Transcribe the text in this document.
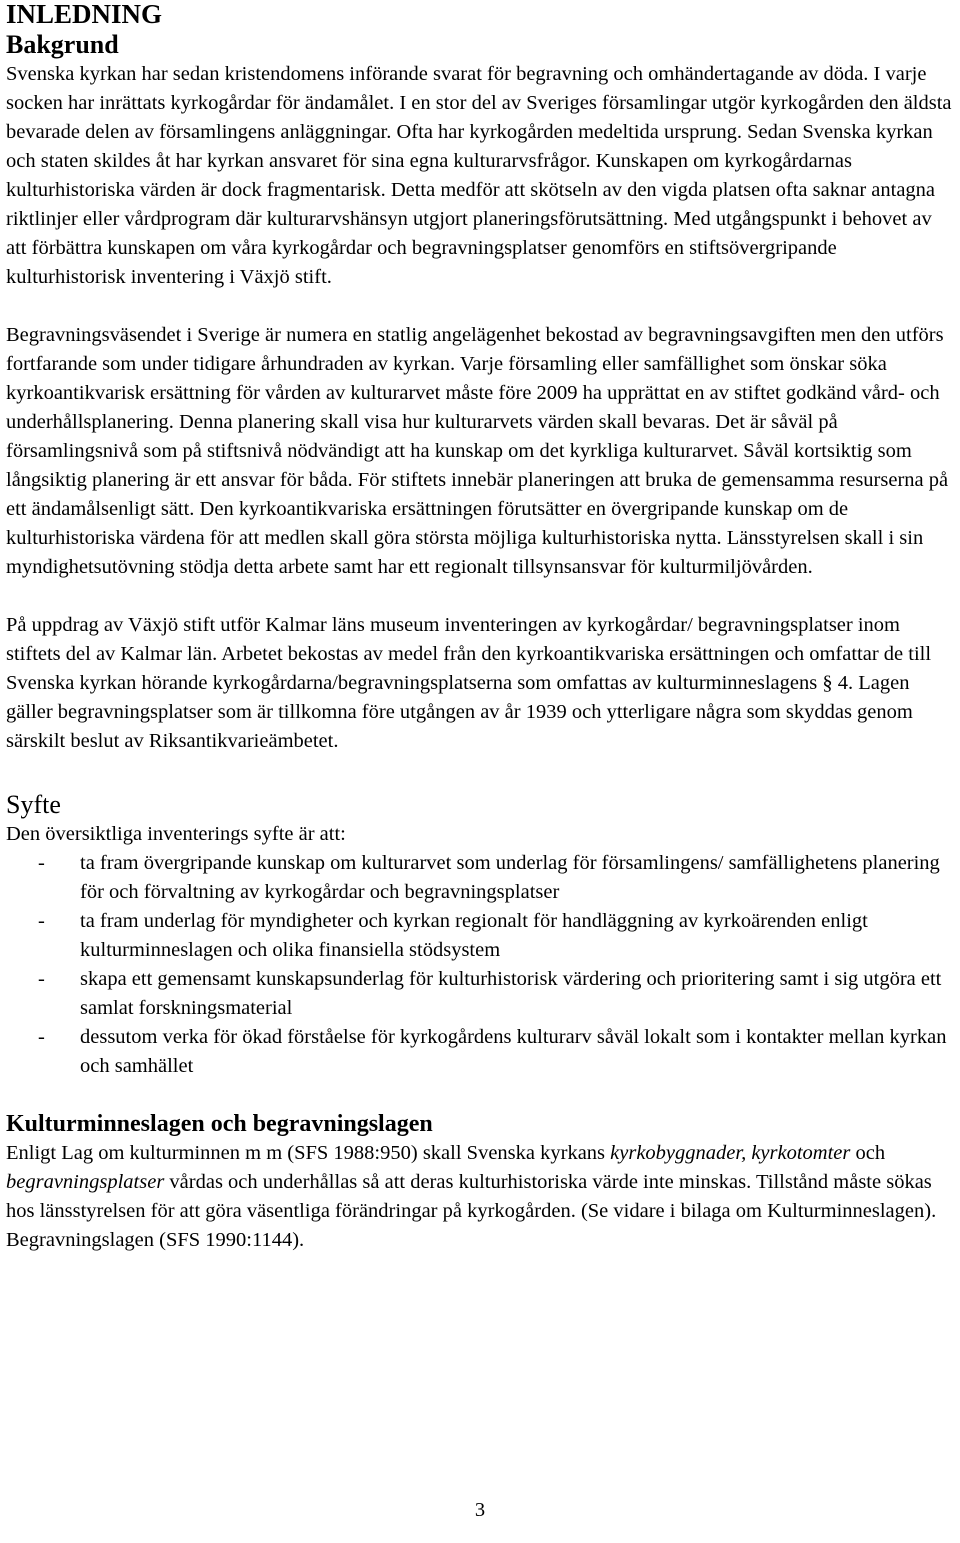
INLEDNING
Bakgrund

Svenska kyrkan har sedan kristendomens införande svarat för begravning och omhändertagande av döda. I varje socken har inrättats kyrkogårdar för ändamålet. I en stor del av Sveriges församlingar utgör kyrkogården den äldsta bevarade delen av församlingens anläggningar. Ofta har kyrkogården medeltida ursprung. Sedan Svenska kyrkan och staten skildes åt har kyrkan ansvaret för sina egna kulturarvsfrågor. Kunskapen om kyrkogårdarnas kulturhistoriska värden är dock fragmentarisk. Detta medför att skötseln av den vigda platsen ofta saknar antagna riktlinjer eller vårdprogram där kulturarvshänsyn utgjort planeringsförutsättning. Med utgångspunkt i behovet av att förbättra kunskapen om våra kyrkogårdar och begravningsplatser genomförs en stiftsövergripande kulturhistorisk inventering i Växjö stift.

Begravningsväsendet i Sverige är numera en statlig angelägenhet bekostad av begravningsavgiften men den utförs fortfarande som under tidigare århundraden av kyrkan. Varje församling eller samfällighet som önskar söka kyrkoantikvarisk ersättning för vården av kulturarvet måste före 2009 ha upprättat en av stiftet godkänd vård- och underhållsplanering. Denna planering skall visa hur kulturarvets värden skall bevaras. Det är såväl på församlingsnivå som på stiftsnivå nödvändigt att ha kunskap om det kyrkliga kulturarvet. Såväl kortsiktig som långsiktig planering är ett ansvar för båda. För stiftets innebär planeringen att bruka de gemensamma resurserna på ett ändamålsenligt sätt. Den kyrkoantikvariska ersättningen förutsätter en övergripande kunskap om de kulturhistoriska värdena för att medlen skall göra största möjliga kulturhistoriska nytta. Länsstyrelsen skall i sin myndighetsutövning stödja detta arbete samt har ett regionalt tillsynsansvar för kulturmiljövården.

På uppdrag av Växjö stift utför Kalmar läns museum inventeringen av kyrkogårdar/ begravningsplatser inom stiftets del av Kalmar län. Arbetet bekostas av medel från den kyrkoantikvariska ersättningen och omfattar de till Svenska kyrkan hörande kyrkogårdarna/begravningsplatserna som omfattas av kulturminneslagens § 4. Lagen gäller begravningsplatser som är tillkomna före utgången av år 1939 och ytterligare några som skyddas genom särskilt beslut av Riksantikvarieämbetet.

Syfte

Den översiktliga inventerings syfte är att:

- ta fram övergripande kunskap om kulturarvet som underlag för församlingens/ samfällighetens planering för och förvaltning av kyrkogårdar och begravningsplatser
- ta fram underlag för myndigheter och kyrkan regionalt för handläggning av kyrkoärenden enligt kulturminneslagen och olika finansiella stödsystem
- skapa ett gemensamt kunskapsunderlag för kulturhistorisk värdering och prioritering samt i sig utgöra ett samlat forskningsmaterial
- dessutom verka för ökad förståelse för kyrkogårdens kulturarv såväl lokalt som i kontakter mellan kyrkan och samhället
Kulturminneslagen och begravningslagen

Enligt Lag om kulturminnen m m (SFS 1988:950) skall Svenska kyrkans kyrkobyggnader, kyrkotomter och begravningsplatser vårdas och underhållas så att deras kulturhistoriska värde inte minskas. Tillstånd måste sökas hos länsstyrelsen för att göra väsentliga förändringar på kyrkogården. (Se vidare i bilaga om Kulturminneslagen). Begravningslagen (SFS 1990:1144).

3
